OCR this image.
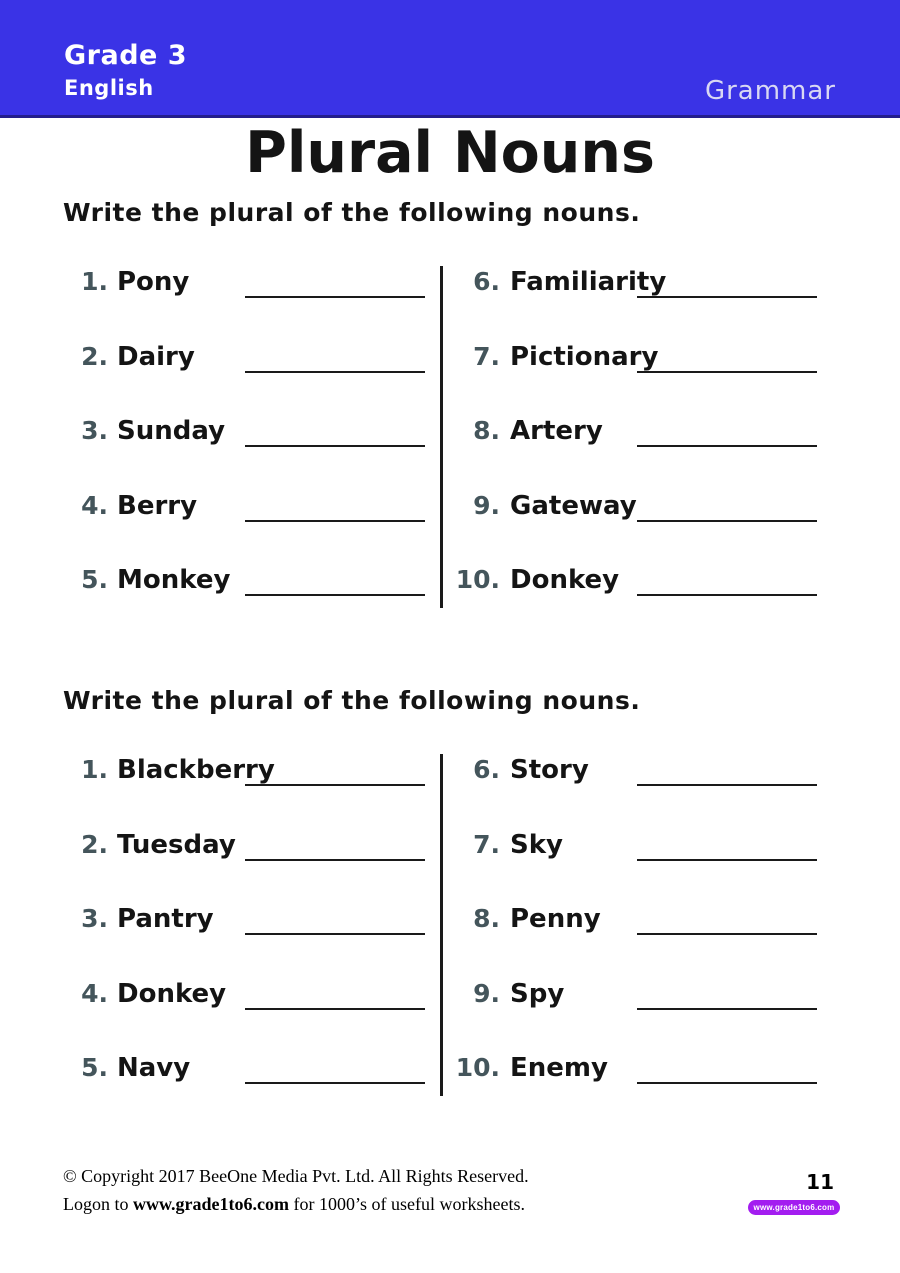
Grade 3
English	Grammar
Plural Nouns
Write the plural of the following nouns.
1. Pony
2. Dairy
3. Sunday
4. Berry
5. Monkey
6. Familiarity
7. Pictionary
8. Artery
9. Gateway
10. Donkey
Write the plural of the following nouns.
1. Blackberry
2. Tuesday
3. Pantry
4. Donkey
5. Navy
6. Story
7. Sky
8. Penny
9. Spy
10. Enemy
© Copyright 2017 BeeOne Media Pvt. Ltd. All Rights Reserved.
Logon to www.grade1to6.com for 1000’s of useful worksheets.
11
www.grade1to6.com
